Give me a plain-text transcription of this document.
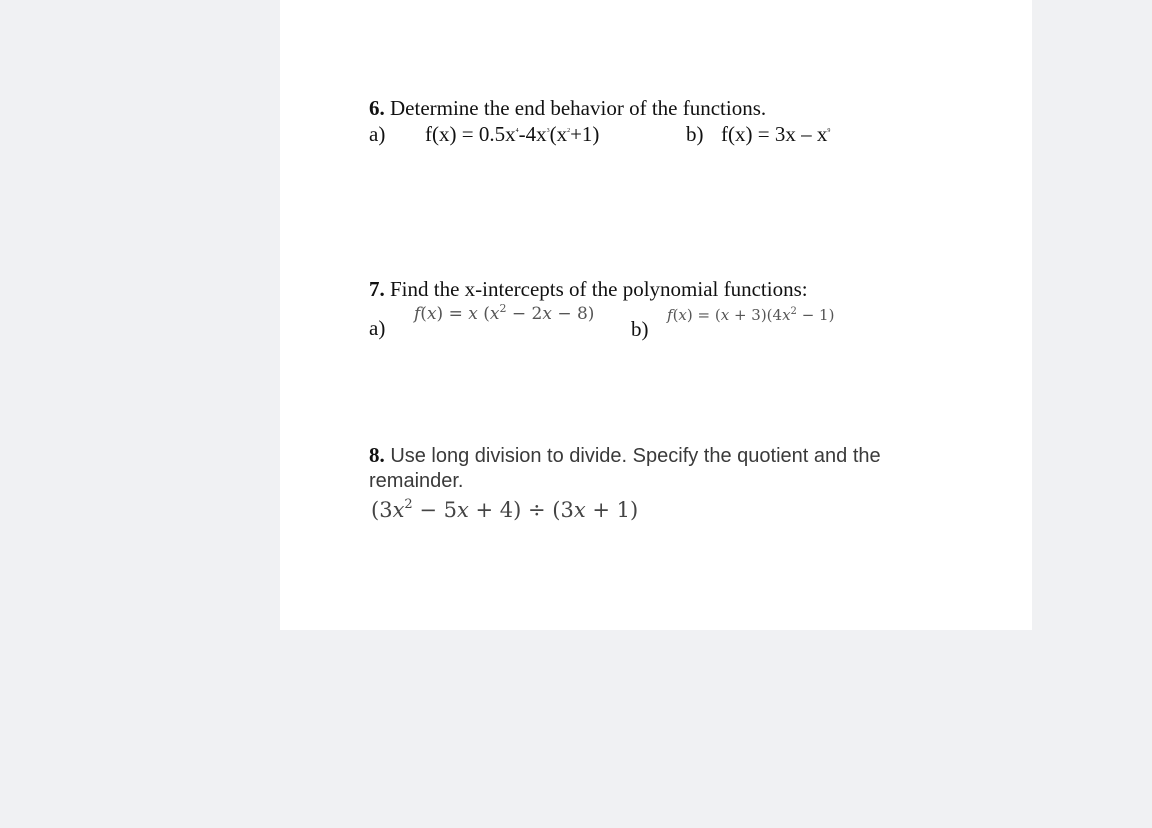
6. Determine the end behavior of the functions.
a) $f(x) = 0.5x^4-4x^3(x^2+1)$	b) $f(x) = 3x - x^9$
7. Find the x-intercepts of the polynomial functions:
a)
f(x) = x $(x^2 - 2x - 8)$
b)
$f(x) = (x + 3)(4x^2 - 1)$
8. Use long division to divide. Specify the quotient and the remainder.
$(3x^2 - 5x + 4) \div (3x + 1)$
